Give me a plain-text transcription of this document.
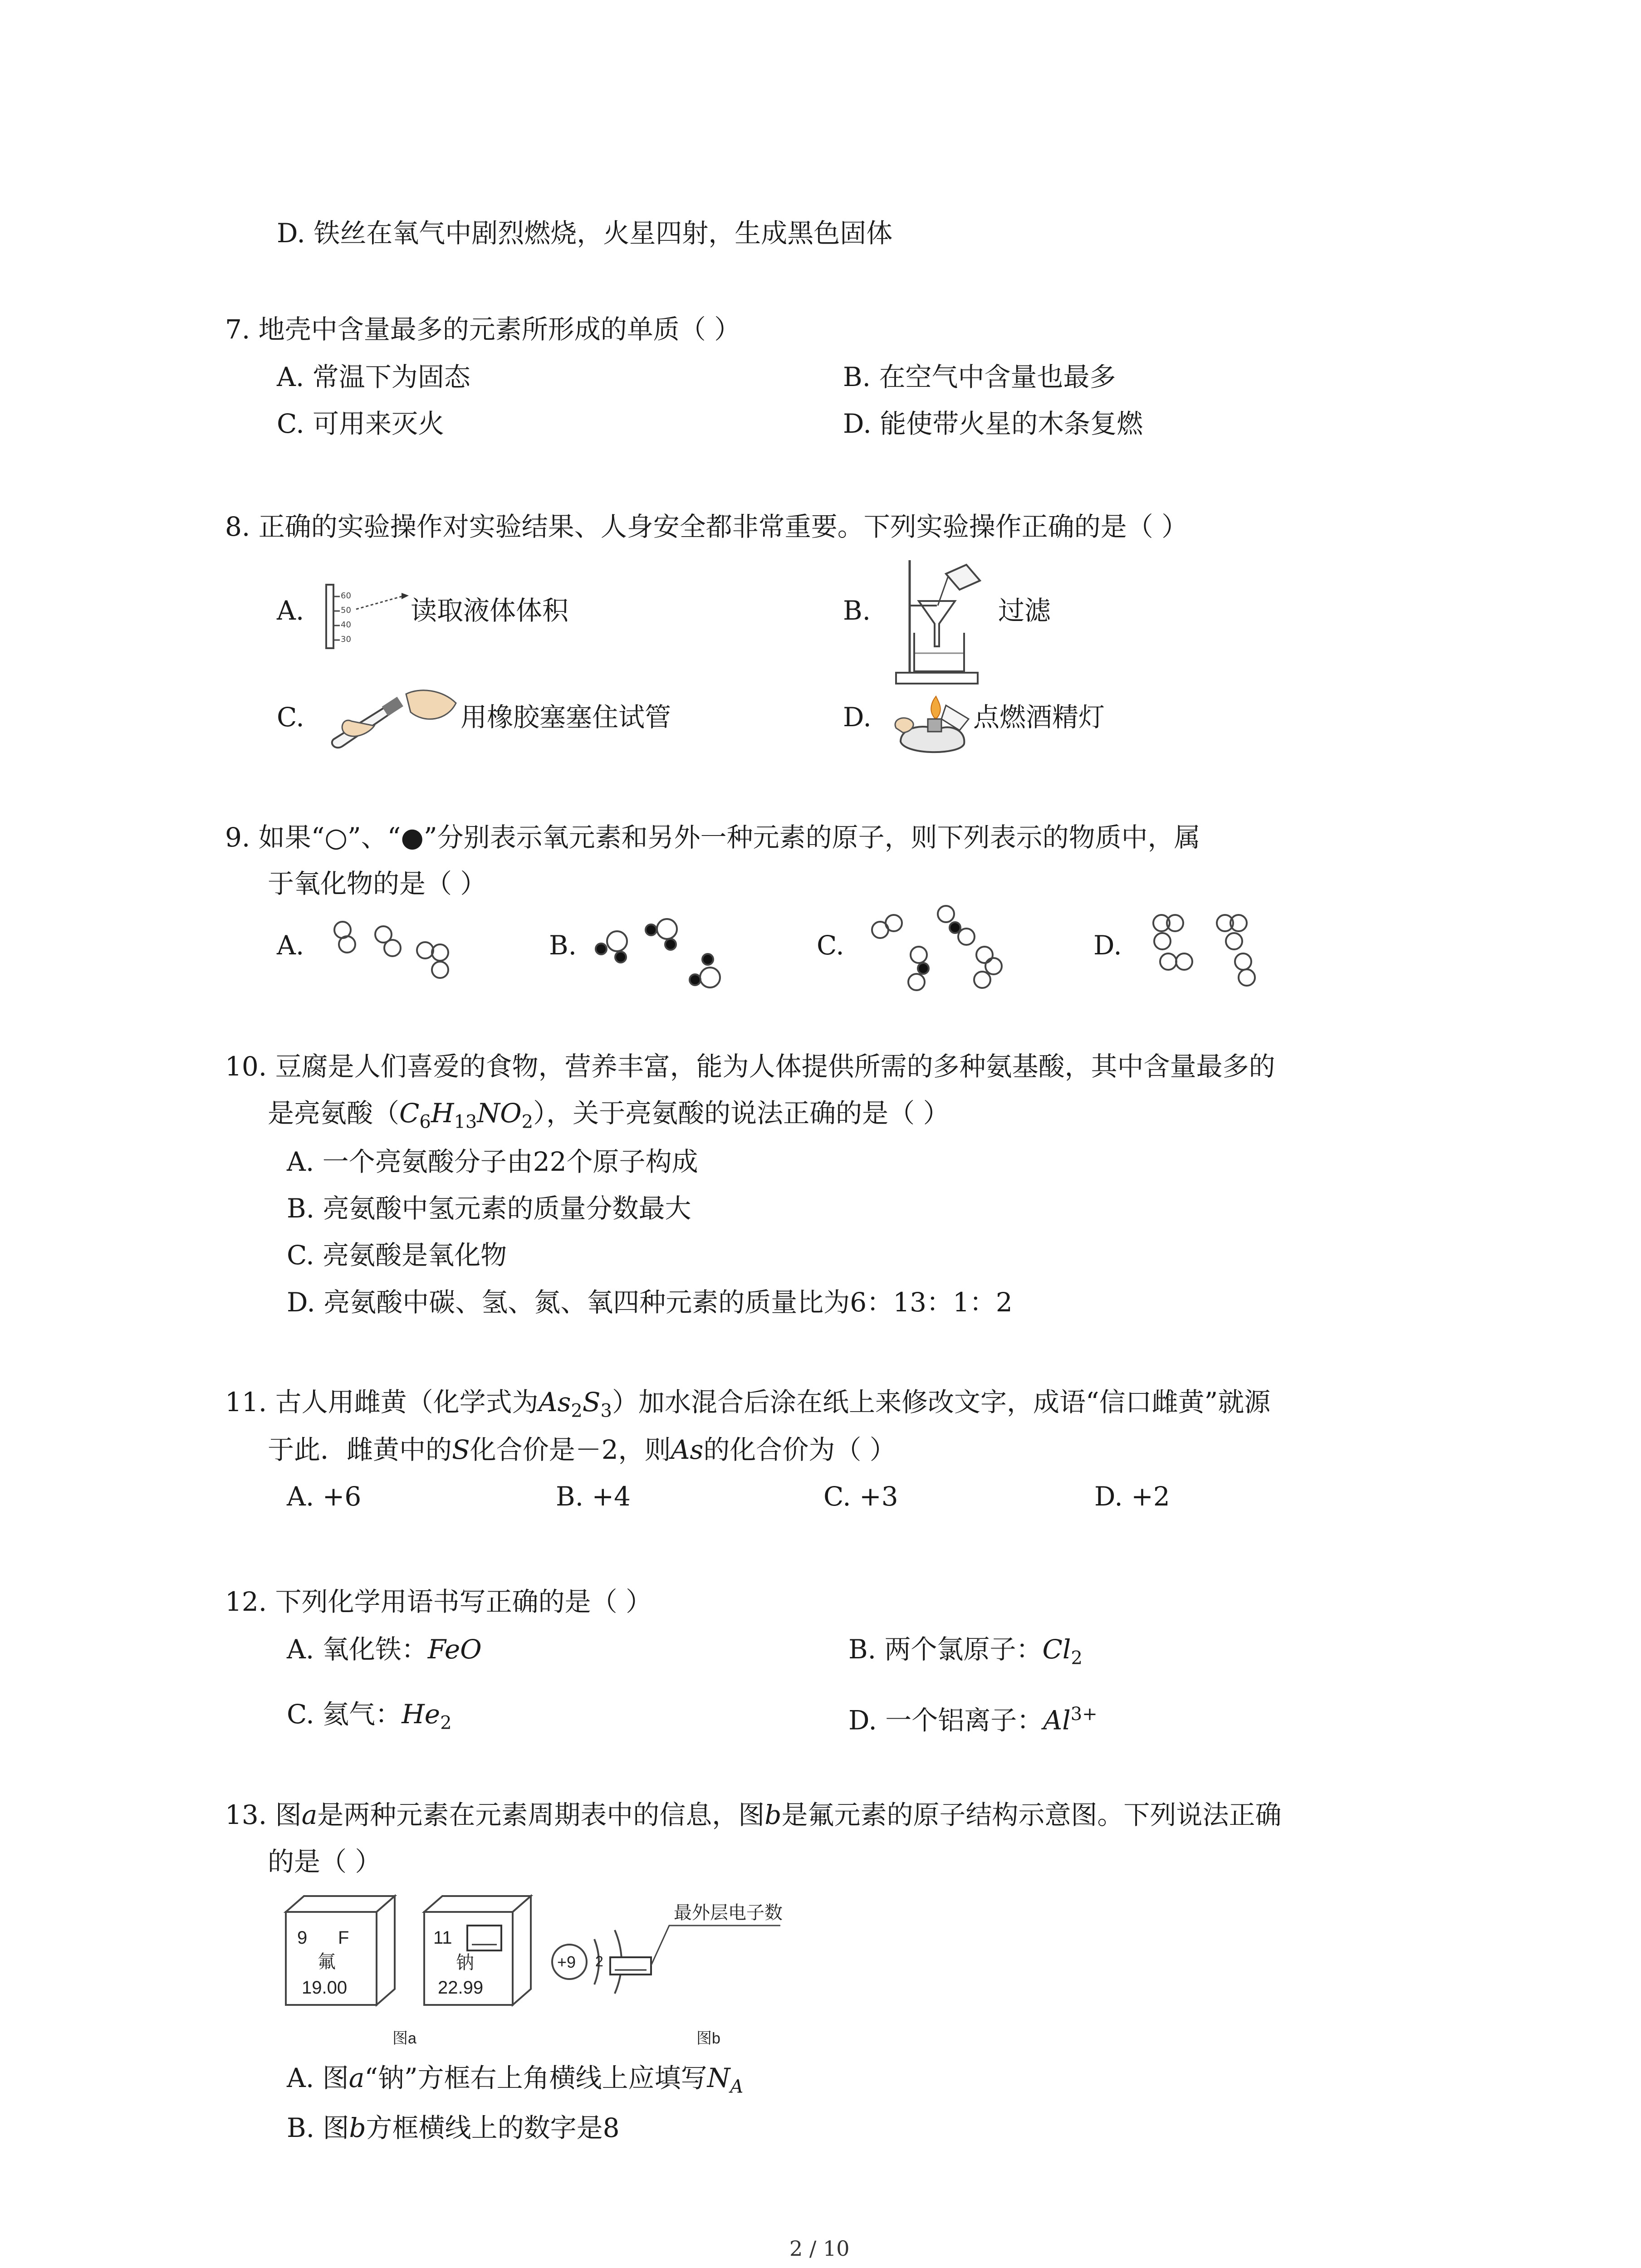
D. 铁丝在氧气中剧烈燃烧，火星四射，生成黑色固体
7. 地壳中含量最多的元素所形成的单质（ ）
A. 常温下为固态	B. 在空气中含量也最多
C. 可用来灭火	D. 能使带火星的木条复燃
8. 正确的实验操作对实验结果、人身安全都非常重要。下列实验操作正确的是（ ）
A.	60
50
40
30
读取液体体积	B.	过滤
C.	用橡胶塞塞住试管	D.	点燃酒精灯
9. 如果“○”、“●”分别表示氧元素和另外一种元素的原子，则下列表示的物质中，属
于氧化物的是（ ）
A.	B.	C.	D.
10. 豆腐是人们喜爱的食物，营养丰富，能为人体提供所需的多种氨基酸，其中含量最多的
是亮氨酸$(C_6H_{13}NO_2)$，关于亮氨酸的说法正确的是（ ）
A. 一个亮氨酸分子由22个原子构成
B. 亮氨酸中氢元素的质量分数最大
C. 亮氨酸是氧化物
D. 亮氨酸中碳、氢、氮、氧四种元素的质量比为6：13：1：2
11. 古人用雌黄（化学式为$As_2S_3$）加水混合后涂在纸上来修改文字，成语“信口雌黄”就源
于此．雌黄中的S化合价是－2，则As的化合价为（ ）
A. +6	B. +4	C. +3	D. +2
12. 下列化学用语书写正确的是（ ）
A. 氧化铁：FeO	B. 两个氯原子：$Cl_2$
C. 氦气：$He_2$	D. 一个铝离子：$Al^{3+}$
13. 图a是两种元素在元素周期表中的信息，图b是氟元素的原子结构示意图。下列说法正确
的是（ ）
9 F
氟
19.00
11
钠
22.99
+9 2
最外层电子数
图a	图b
A. 图a“钠”方框右上角横线上应填写$N_A$
B. 图b方框横线上的数字是8
2 / 10
